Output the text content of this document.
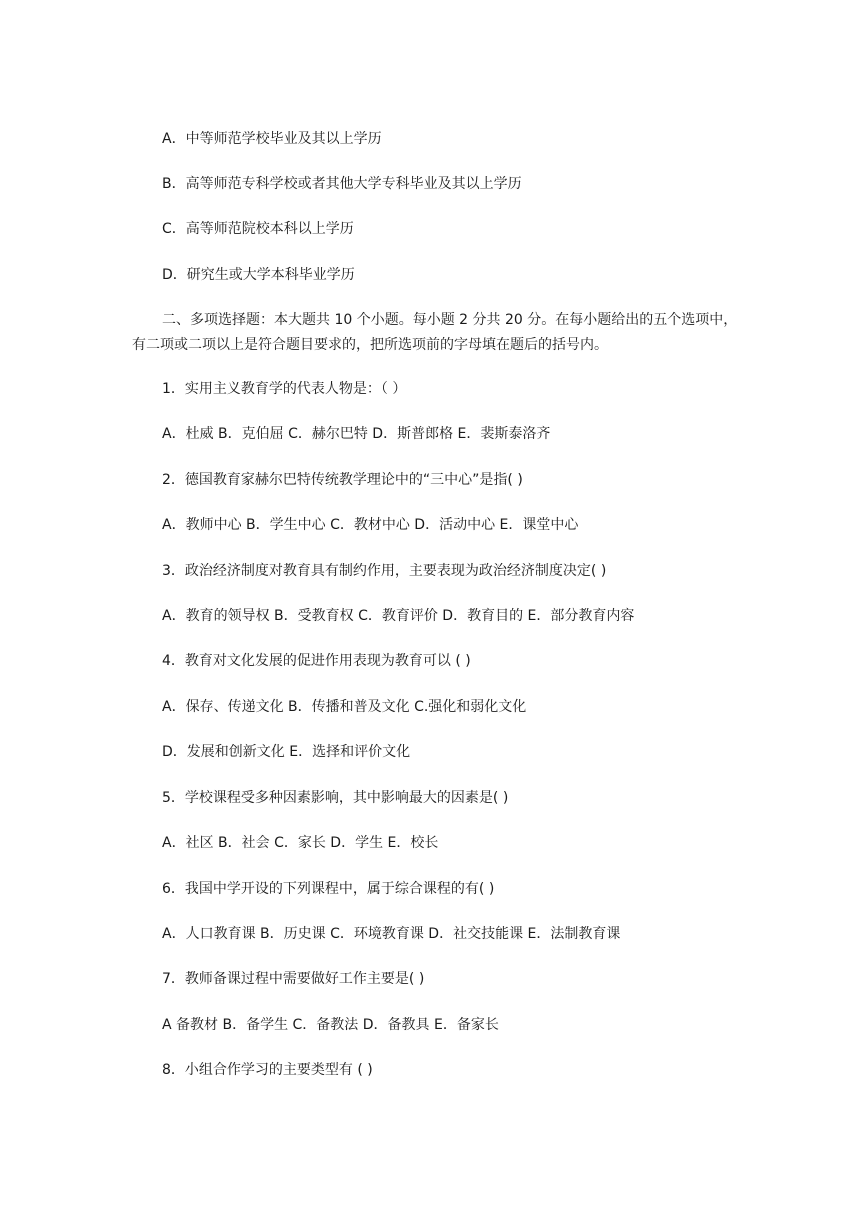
A．中等师范学校毕业及其以上学历
B．高等师范专科学校或者其他大学专科毕业及其以上学历
C．高等师范院校本科以上学历
D．研究生或大学本科毕业学历
二、多项选择题：本大题共 10 个小题。每小题 2 分共 20 分。在每小题给出的五个选项中，有二项或二项以上是符合题目要求的，把所选项前的字母填在题后的括号内。
1．实用主义教育学的代表人物是：（ ）
A．杜威 B．克伯屈 C．赫尔巴特 D．斯普郎格 E．裴斯泰洛齐
2．德国教育家赫尔巴特传统教学理论中的“三中心”是指( )
A．教师中心 B．学生中心 C．教材中心 D．活动中心 E．课堂中心
3．政治经济制度对教育具有制约作用，主要表现为政治经济制度决定( )
A．教育的领导权 B．受教育权 C．教育评价 D．教育目的 E．部分教育内容
4．教育对文化发展的促进作用表现为教育可以 ( )
A．保存、传递文化 B．传播和普及文化 C.强化和弱化文化
D．发展和创新文化 E．选择和评价文化
5．学校课程受多种因素影响，其中影响最大的因素是( )
A．社区 B．社会 C．家长 D．学生 E．校长
6．我国中学开设的下列课程中，属于综合课程的有( )
A．人口教育课 B．历史课 C．环境教育课 D．社交技能课 E．法制教育课
7．教师备课过程中需要做好工作主要是( )
A 备教材 B．备学生 C．备教法 D．备教具 E．备家长
8．小组合作学习的主要类型有 ( )
